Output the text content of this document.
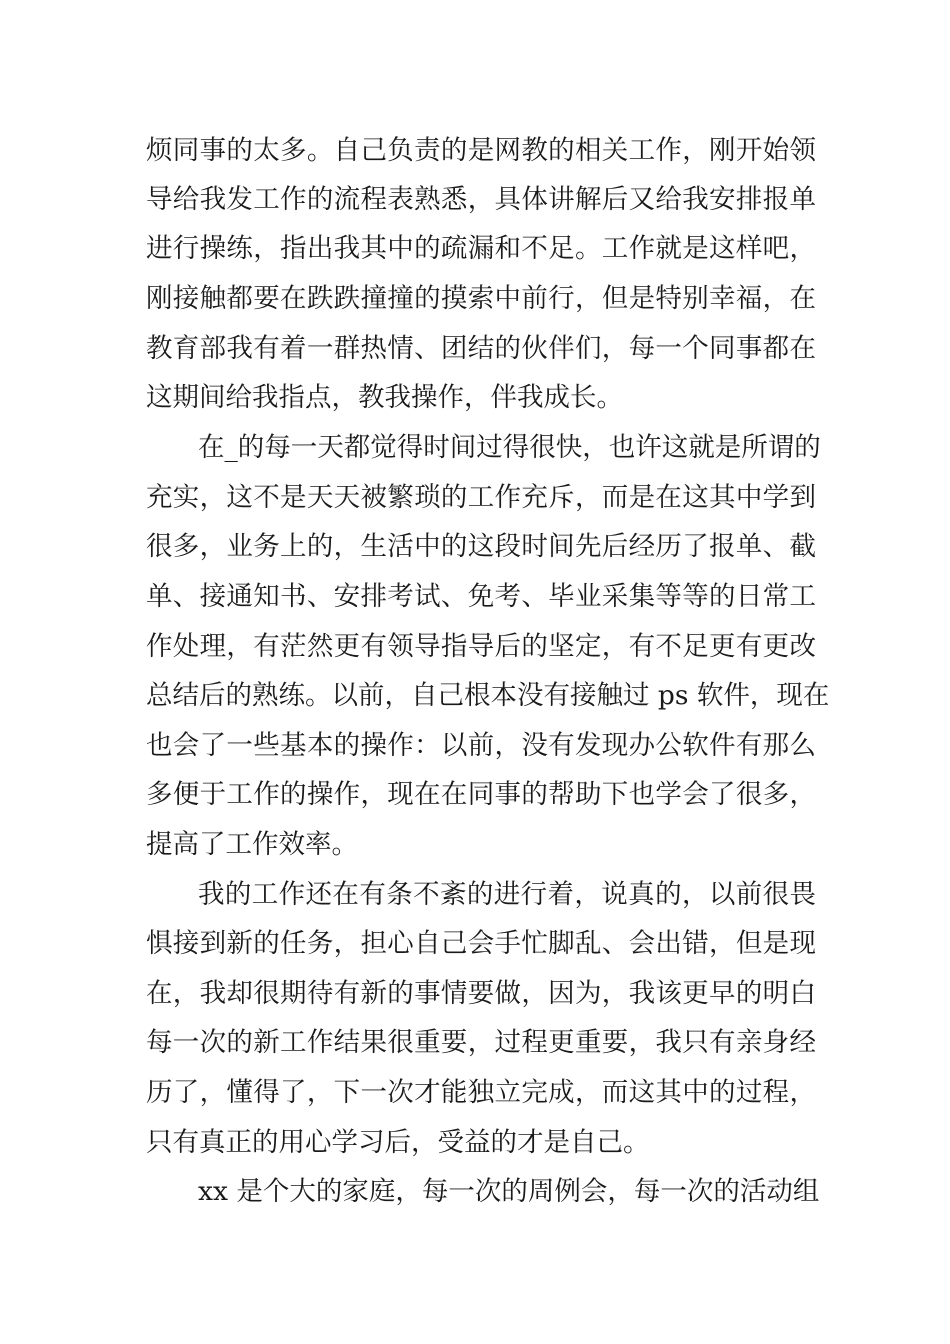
烦同事的太多。自己负责的是网教的相关工作，刚开始领
导给我发工作的流程表熟悉，具体讲解后又给我安排报单
进行操练，指出我其中的疏漏和不足。工作就是这样吧，
刚接触都要在跌跌撞撞的摸索中前行，但是特别幸福，在
教育部我有着一群热情、团结的伙伴们，每一个同事都在
这期间给我指点，教我操作，伴我成长。
在_的每一天都觉得时间过得很快，也许这就是所谓的
充实，这不是天天被繁琐的工作充斥，而是在这其中学到
很多，业务上的，生活中的这段时间先后经历了报单、截
单、接通知书、安排考试、免考、毕业采集等等的日常工
作处理，有茫然更有领导指导后的坚定，有不足更有更改
总结后的熟练。以前，自己根本没有接触过 ps 软件，现在
也会了一些基本的操作：以前，没有发现办公软件有那么
多便于工作的操作，现在在同事的帮助下也学会了很多，
提高了工作效率。
我的工作还在有条不紊的进行着，说真的，以前很畏
惧接到新的任务，担心自己会手忙脚乱、会出错，但是现
在，我却很期待有新的事情要做，因为，我该更早的明白
每一次的新工作结果很重要，过程更重要，我只有亲身经
历了，懂得了，下一次才能独立完成，而这其中的过程，
只有真正的用心学习后，受益的才是自己。
xx 是个大的家庭，每一次的周例会，每一次的活动组
